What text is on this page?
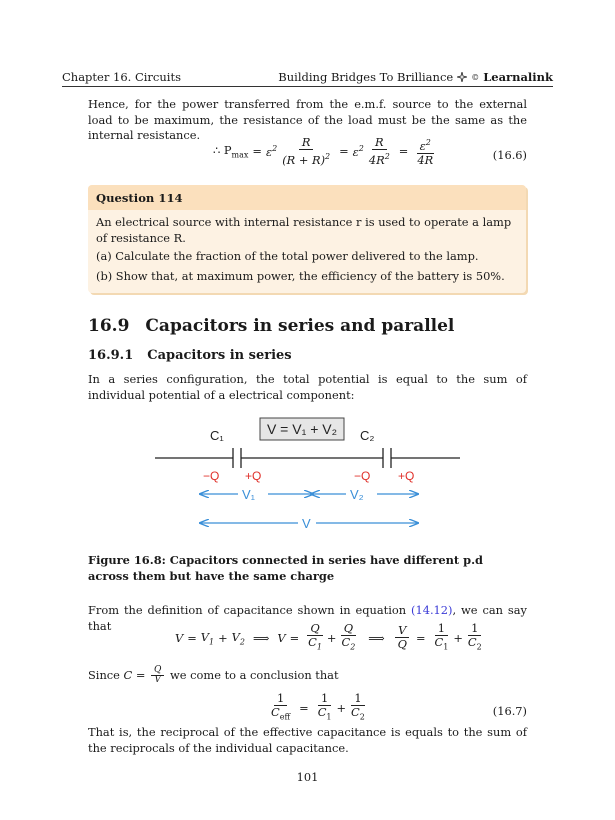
Chapter 16. Circuits	Building Bridges To Brilliance © Learnalink
Hence, for the power transferred from the e.m.f. source to the external load to be maximum, the resistance of the load must be the same as the internal resistance.
∴ $P_{max} = \varepsilon^2 \frac{R}{(R + R)^2} = \varepsilon^2 \frac{R}{4R^2} = \frac{\varepsilon^2}{4R}$	(16.6)
Question 114
An electrical source with internal resistance r is used to operate a lamp of resistance R.
(a) Calculate the fraction of the total power delivered to the lamp.
(b) Show that, at maximum power, the efficiency of the battery is 50%.
16.9 Capacitors in series and parallel
16.9.1 Capacitors in series
In a series configuration, the total potential is equal to the sum of individual potential of a electrical component:
V = V₁ + V₂
C₁	C₂
−Q +Q	−Q +Q
V₁	V₂
V
Figure 16.8: Capacitors connected in series have different p.d across them but have the same charge
From the definition of capacitance shown in equation (14.12), we can say that
$V = V_1 + V_2$ ⟹ $V = \frac{Q}{C_1} + \frac{Q}{C_2}$ ⟹ $\frac{V}{Q} = \frac{1}{C_1} + \frac{1}{C_2}$
Since $C = \frac{Q}{V}$ we come to a conclusion that
$\frac{1}{C_{eff}} = \frac{1}{C_1} + \frac{1}{C_2}$	(16.7)
That is, the reciprocal of the effective capacitance is equals to the sum of the reciprocals of the individual capacitance.
101
